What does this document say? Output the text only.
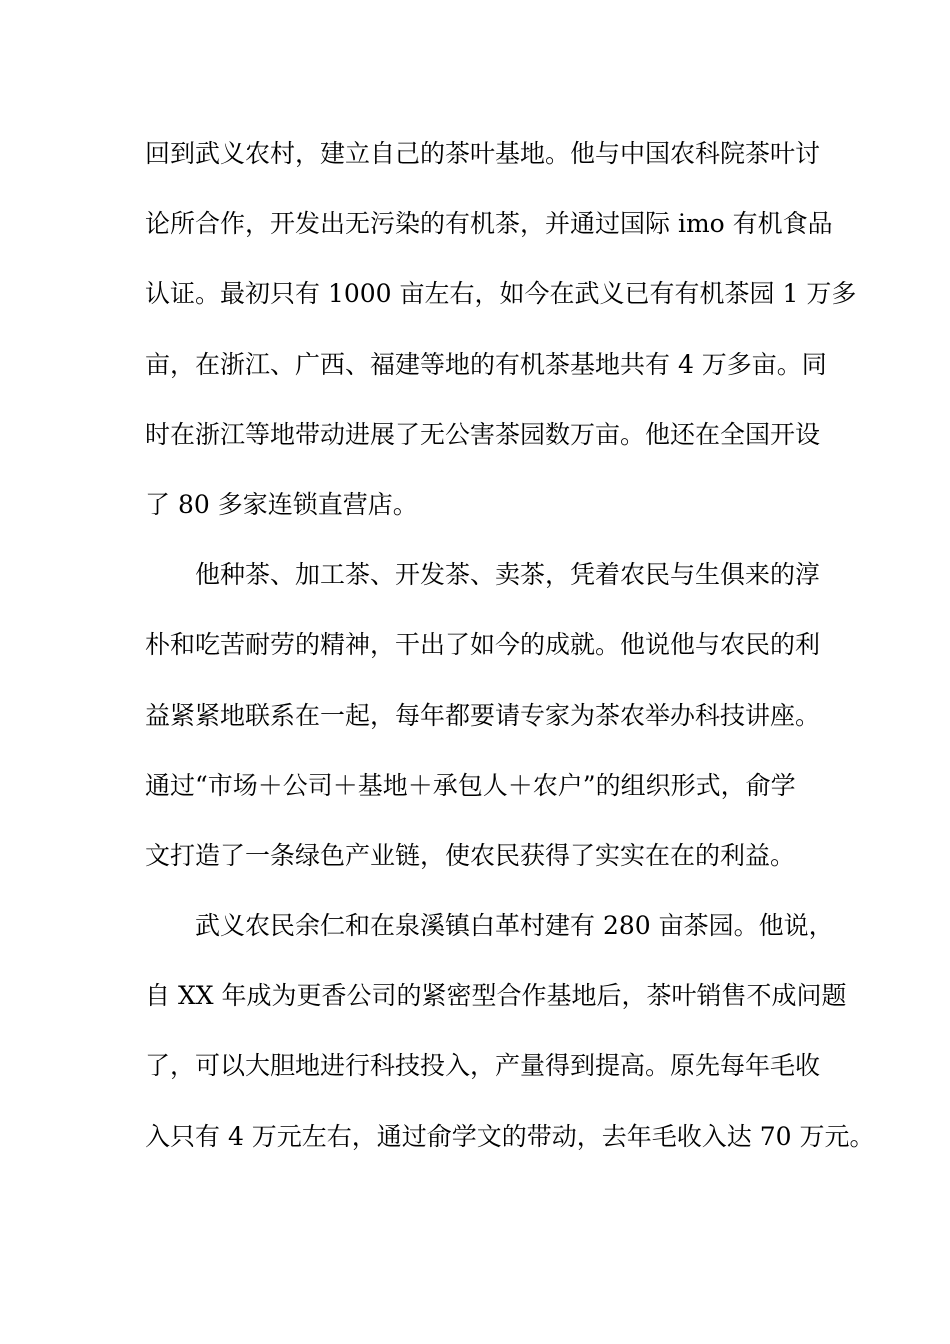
回到武义农村，建立自己的茶叶基地。他与中国农科院茶叶讨
论所合作，开发出无污染的有机茶，并通过国际 imo 有机食品
认证。最初只有 1000 亩左右，如今在武义已有有机茶园 1 万多
亩，在浙江、广西、福建等地的有机茶基地共有 4 万多亩。同
时在浙江等地带动进展了无公害茶园数万亩。他还在全国开设
了 80 多家连锁直营店。
他种茶、加工茶、开发茶、卖茶，凭着农民与生俱来的淳
朴和吃苦耐劳的精神，干出了如今的成就。他说他与农民的利
益紧紧地联系在一起，每年都要请专家为茶农举办科技讲座。
通过“市场＋公司＋基地＋承包人＋农户”的组织形式，俞学
文打造了一条绿色产业链，使农民获得了实实在在的利益。
武义农民余仁和在泉溪镇白革村建有 280 亩茶园。他说，
自 XX 年成为更香公司的紧密型合作基地后，茶叶销售不成问题
了，可以大胆地进行科技投入，产量得到提高。原先每年毛收
入只有 4 万元左右，通过俞学文的带动，去年毛收入达 70 万元。
